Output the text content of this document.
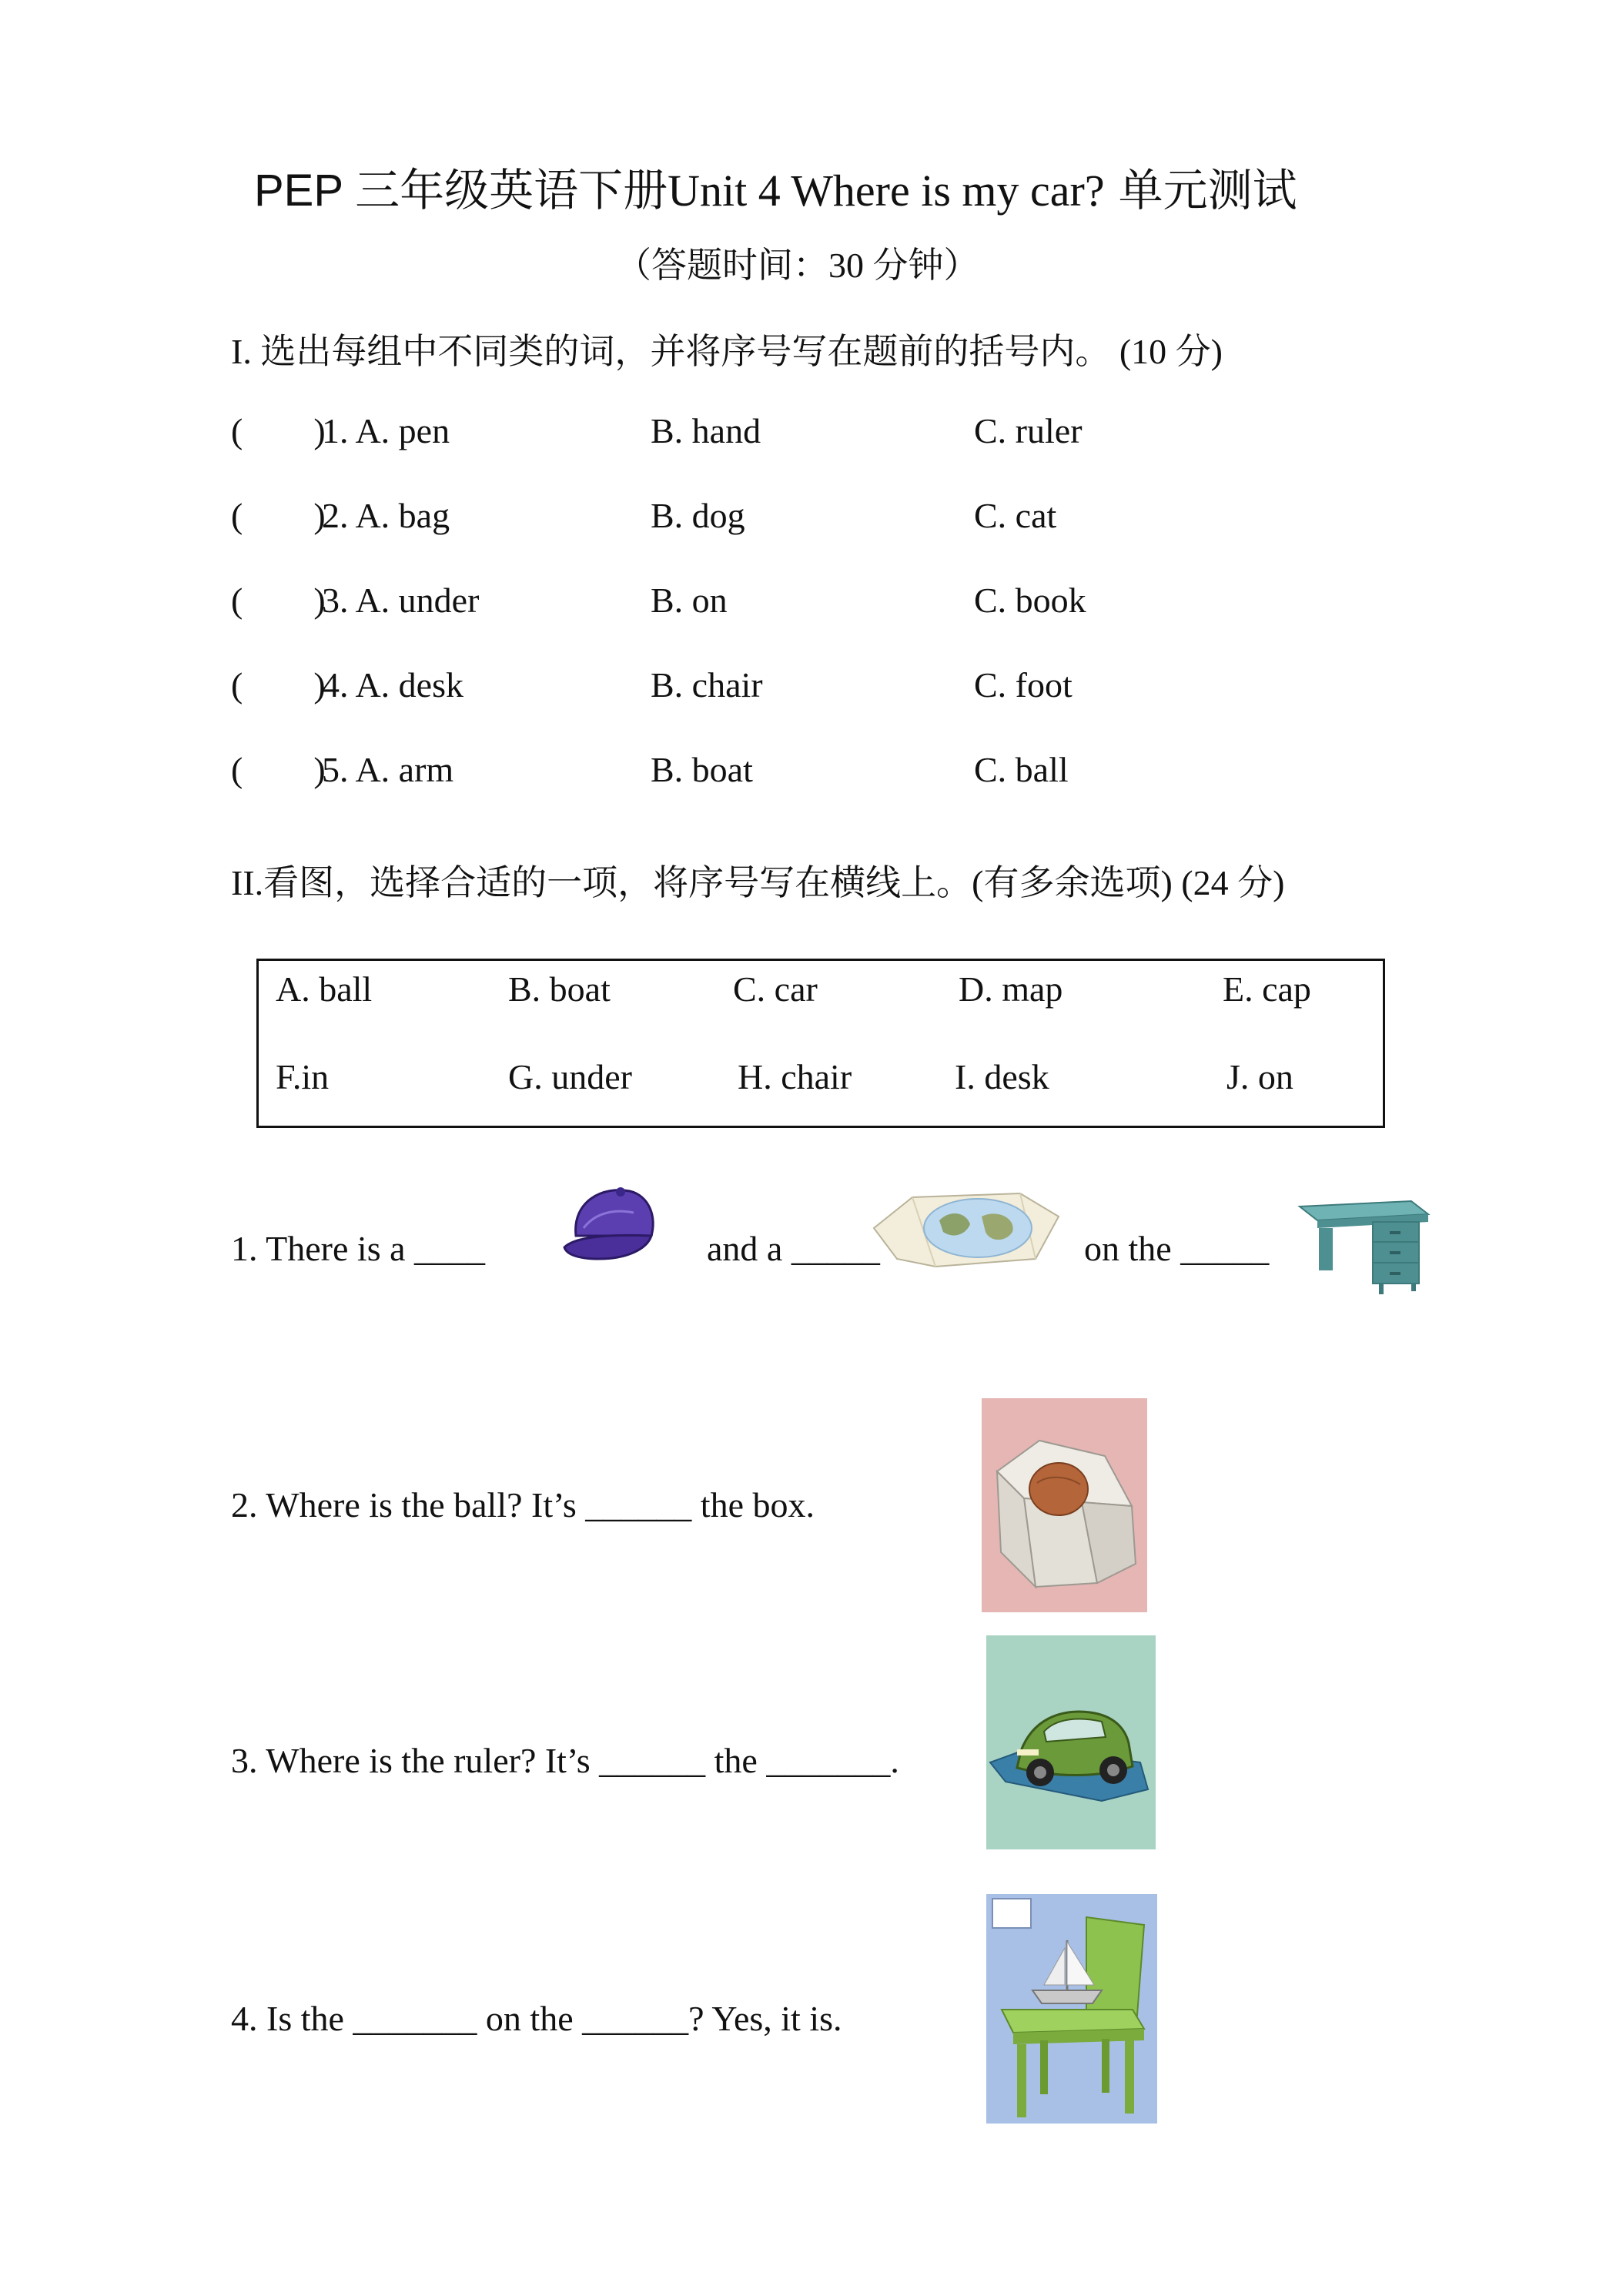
PEP 三年级英语下册Unit 4 Where is my car? 单元测试
（答题时间：30 分钟）
I. 选出每组中不同类的词，并将序号写在题前的括号内。 (10 分)
(        )
1. A. pen	B. hand	C. ruler
(        )
2. A. bag	B. dog	C. cat
(        )
3. A. under	B. on	C. book
(        )
4. A. desk	B. chair	C. foot
(        )
5. A. arm	B. boat	C. ball
II.看图，选择合适的一项，将序号写在横线上。(有多余选项) (24 分)
A. ball	B. boat	C. car	D. map	E. cap
F.in	G. under	H. chair	I. desk	J. on
1. There is a ____	and a _____	on the _____
2. Where is the ball? It’s ______ the box.
3. Where is the ruler? It’s ______ the _______.
4. Is the _______ on the ______? Yes, it is.
